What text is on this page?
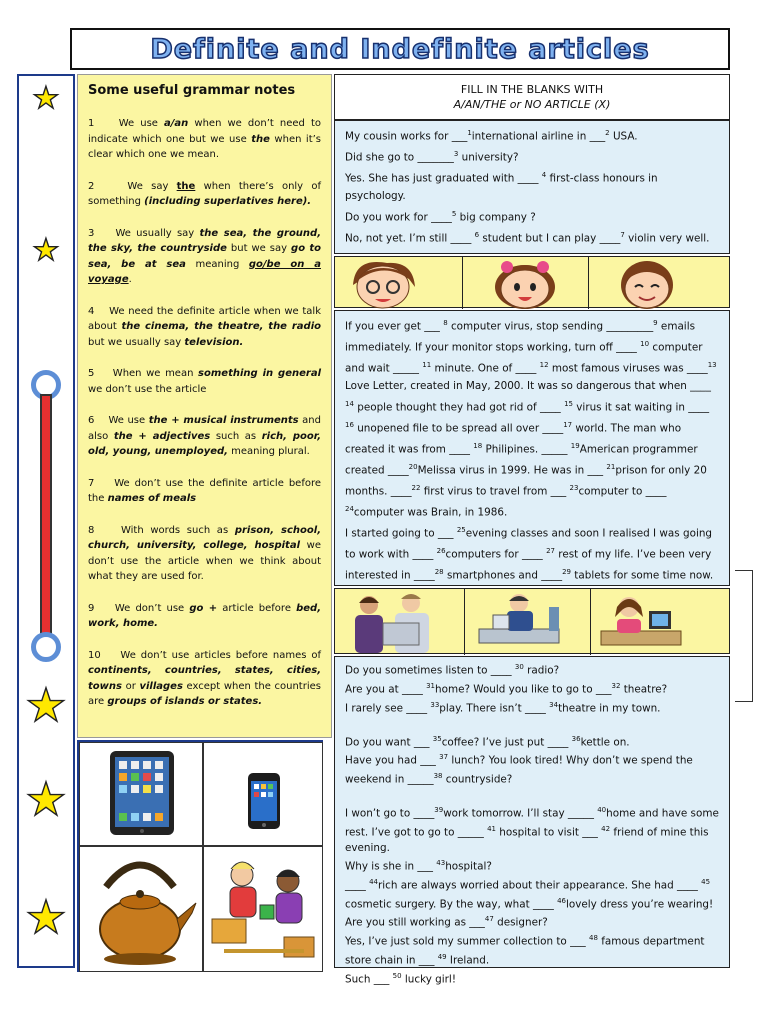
Definite and Indefinite articles
★
★
★
★
★
Some useful grammar notes

1    We use a/an when we don’t need to indicate which one but we use the when it’s clear which one we mean.

2    We say the when there’s only of something (including superlatives here).

3    We usually say the sea, the ground, the sky, the countryside but we say go to sea, be at sea meaning go/be on a voyage.

4    We need the definite article when we talk about the cinema, the theatre, the radio but we usually say television.

5    When we mean something in general we don’t use the article

6    We use the + musical instruments and also the + adjectives such as rich, poor, old, young, unemployed, meaning plural.

7    We don’t use the definite article before the names of meals

8    With words such as prison, school, church, university, college, hospital we don’t use the article when we think about what they are used for.

9    We don’t use go + article before bed, work, home.

10    We don’t use articles before names of continents, countries, states, cities, towns or villages except when the countries are groups of islands or states.

FILL IN THE BLANKS WITH
A/AN/THE or NO ARTICLE (X)
My cousin works for ___$^1$international airline in ___$^2$ USA.
Did she go to _______$^3$ university?
Yes. She has just graduated with ____ $^4$ first-class honours in psychology.
Do you work for ____$^5$ big company ?
No, not yet. I’m still ____ $^6$ student but I can play ____$^7$ violin very well.

If you ever get ___ $^8$ computer virus, stop sending _________$^9$ emails immediately. If your monitor stops working, turn off ____ $^{10}$ computer and wait _____ $^{11}$ minute. One of ____ $^{12}$ most famous viruses was ____$^{13}$ Love Letter, created in May, 2000. It was so dangerous that when ____ $^{14}$ people thought they had got rid of ____ $^{15}$ virus it sat waiting in ____ $^{16}$ unopened file to be spread all over ____$^{17}$ world. The man who created it was from ____ $^{18}$ Philipines. _____ $^{19}$American programmer created ____$^{20}$Melissa virus in 1999. He was in ___ $^{21}$prison for only 20 months. ____$^{22}$ first virus to travel from ___ $^{23}$computer to ____ $^{24}$computer was Brain, in 1986.

I started going to ___ $^{25}$evening classes and soon I realised I was going to work with ____ $^{26}$computers for ____ $^{27}$ rest of my life. I’ve been very interested in ____$^{28}$ smartphones and ____$^{29}$ tablets for some time now.

Do you sometimes listen to ____ $^{30}$ radio?
Are you at ____ $^{31}$home? Would you like to go to ___$^{32}$ theatre?
I rarely see ____ $^{33}$play. There isn’t ____ $^{34}$theatre in my town.

Do you want ___ $^{35}$coffee? I’ve just put ____ $^{36}$kettle on.
Have you had ___ $^{37}$ lunch? You look tired! Why don’t we spend the weekend in _____$^{38}$ countryside?

I won’t go to ____$^{39}$work tomorrow. I’ll stay _____ $^{40}$home and have some rest. I’ve got to go to _____ $^{41}$ hospital to visit ___ $^{42}$ friend of mine this evening.
Why is she in ___ $^{43}$hospital?
____ $^{44}$rich are always worried about their appearance. She had ____ $^{45}$ cosmetic surgery. By the way, what ____ $^{46}$lovely dress you’re wearing! Are you still working as ___$^{47}$ designer?
Yes, I’ve just sold my summer collection to ___ $^{48}$ famous department store chain in ___ $^{49}$ Ireland.
Such ___ $^{50}$ lucky girl!
